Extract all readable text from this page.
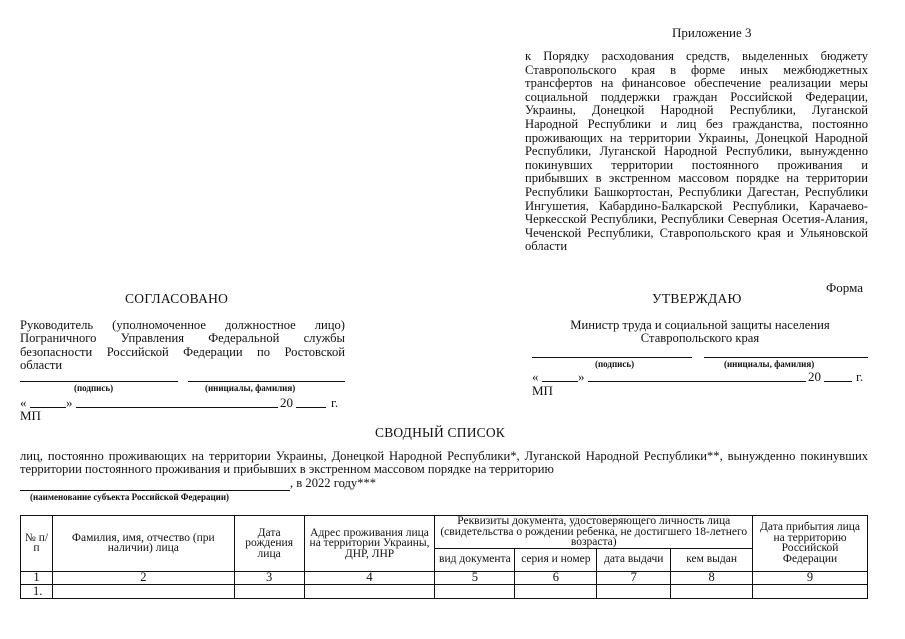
Приложение 3
к Порядку расходования средств, выделенных бюджету Ставропольского края в форме иных межбюджетных трансфертов на финансовое обеспечение реализации меры социальной поддержки граждан Российской Федерации, Украины, Донецкой Народной Республики, Луганской Народной Республики и лиц без гражданства, постоянно проживающих на территории Украины, Донецкой Народной Республики, Луганской Народной Республики, вынужденно покинувших территории постоянного проживания и прибывших в экстренном массовом порядке на территории Республики Башкортостан, Республики Дагестан, Республики Ингушетия, Кабардино-Балкарской Республики, Карачаево-Черкесской Республики, Республики Северная Осетия-Алания, Чеченской Республики, Ставропольского края и Ульяновской области
Форма
СОГЛАСОВАНО
Руководитель (уполномоченное должностное лицо) Пограничного Управления Федеральной службы безопасности Российской Федерации по Ростовской области
(подпись)	(инициалы, фамилия)
«	»	20	г.
МП
УТВЕРЖДАЮ
Министр труда и социальной защиты населения Ставропольского края
(подпись)	(инициалы, фамилия)
«	»	20	г.
МП
СВОДНЫЙ СПИСОК
лиц, постоянно проживающих на территории Украины, Донецкой Народной Республики*, Луганской Народной Республики**, вынужденно покинувших территории постоянного проживания и прибывших в экстренном массовом порядке на территорию
, в 2022 году***
(наименование субъекта Российской Федерации)
№ п/п	Фамилия, имя, отчество (при наличии) лица	Дата рождения лица	Адрес проживания лица на территории Украины, ДНР, ЛНР	Реквизиты документа, удостоверяющего личность лица (свидетельства о рождении ребенка, не достигшего 18-летнего возраста)				Дата прибытия лица на территорию Российской Федерации
				вид документа	серия и номер	дата выдачи	кем выдан	
1	2	3	4	5	6	7	8	9
1.								
